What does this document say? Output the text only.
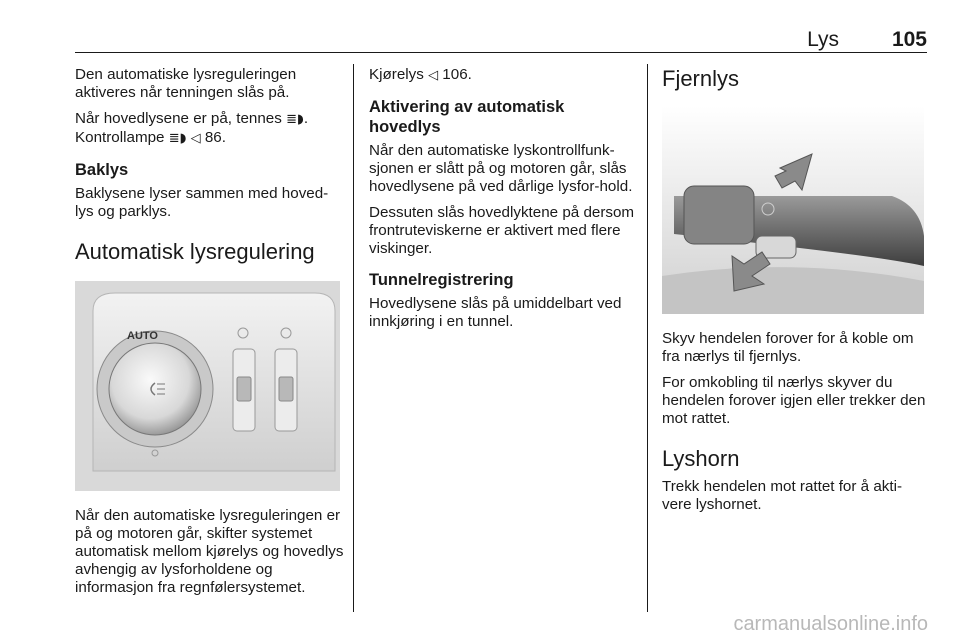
Lys	105

Den automatiske lysreguleringen aktiveres når tenningen slås på.

Når hovedlysene er på, tennes ≣◗. Kontrollampe ≣◗ ◁ 86.

Baklys

Baklysene lyser sammen med hoved-lys og parklys.

Automatisk lysregulering
AUTO

Når den automatiske lysreguleringen er på og motoren går, skifter systemet automatisk mellom kjørelys og hovedlys avhengig av lysforholdene og informasjon fra regnfølersystemet.

Kjørelys ◁ 106.

Aktivering av automatisk hovedlys

Når den automatiske lyskontrollfunk-sjonen er slått på og motoren går, slås hovedlysene på ved dårlige lysfor-hold.

Dessuten slås hovedlyktene på dersom frontruteviskerne er aktivert med flere viskinger.

Tunnelregistrering

Hovedlysene slås på umiddelbart ved innkjøring i en tunnel.

Fjernlys

Skyv hendelen forover for å koble om fra nærlys til fjernlys.

For omkobling til nærlys skyver du hendelen forover igjen eller trekker den mot rattet.

Lyshorn

Trekk hendelen mot rattet for å akti-vere lyshornet.

carmanualsonline.info
